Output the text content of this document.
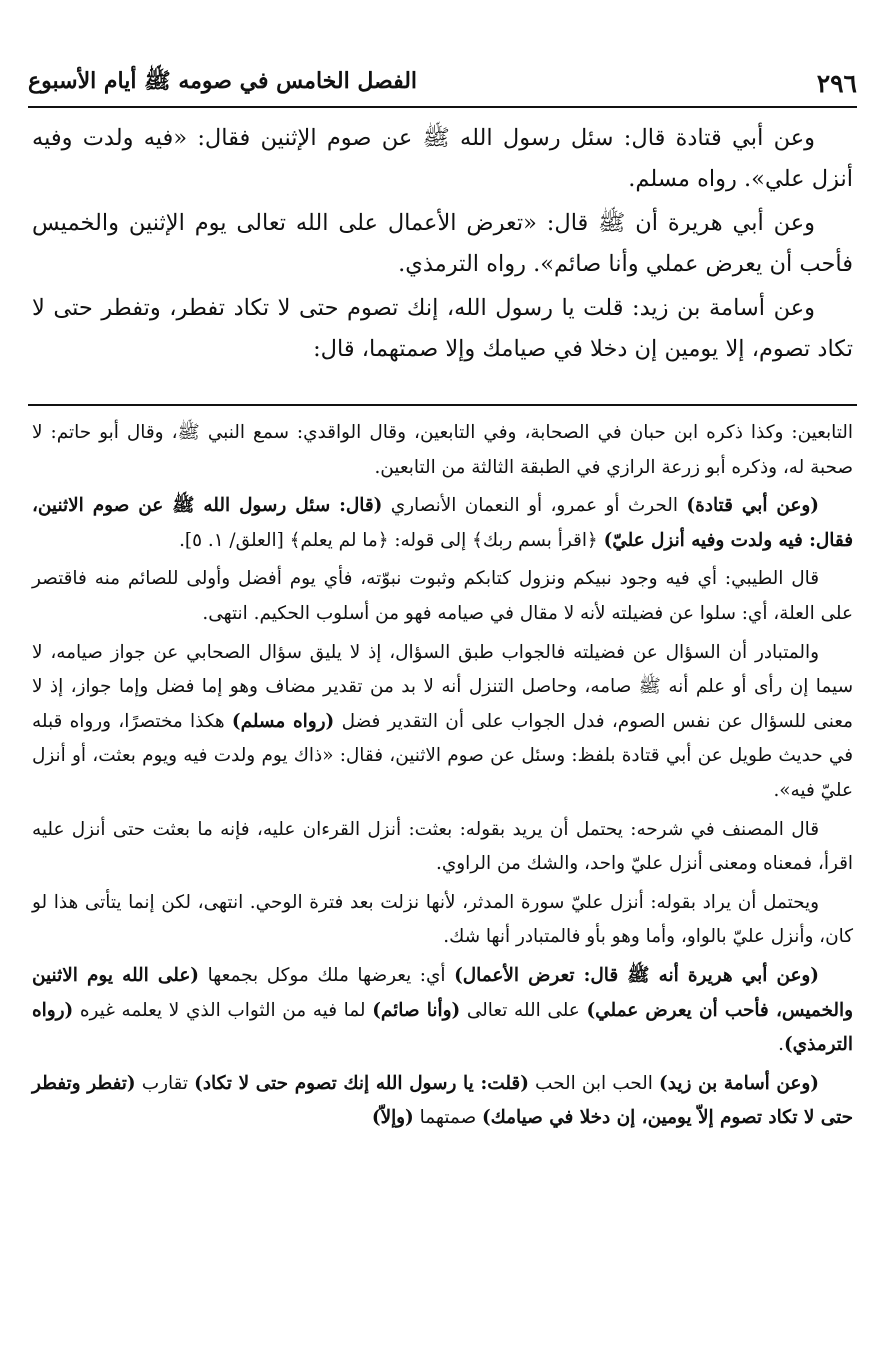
٢٩٦
الفصل الخامس في صومه ﷺ أيام الأسبوع

وعن أبي قتادة قال: سئل رسول الله ﷺ عن صوم الإثنين فقال: «فيه ولدت وفيه أنزل علي». رواه مسلم.

وعن أبي هريرة أن ﷺ قال: «تعرض الأعمال على الله تعالى يوم الإثنين والخميس فأحب أن يعرض عملي وأنا صائم». رواه الترمذي.

وعن أسامة بن زيد: قلت يا رسول الله، إنك تصوم حتى لا تكاد تفطر، وتفطر حتى لا تكاد تصوم، إلا يومين إن دخلا في صيامك وإلا صمتهما، قال:

التابعين: وكذا ذكره ابن حبان في الصحابة، وفي التابعين، وقال الواقدي: سمع النبي ﷺ، وقال أبو حاتم: لا صحبة له، وذكره أبو زرعة الرازي في الطبقة الثالثة من التابعين.

(وعن أبي قتادة) الحرث أو عمرو، أو النعمان الأنصاري (قال: سئل رسول الله ﷺ عن صوم الاثنين، فقال: فيه ولدت وفيه أنزل عليّ) ﴿اقرأ بسم ربك﴾ إلى قوله: ﴿ما لم يعلم﴾ [العلق/ ١. ٥].

قال الطيبي: أي فيه وجود نبيكم ونزول كتابكم وثبوت نبوّته، فأي يوم أفضل وأولى للصائم منه فاقتصر على العلة، أي: سلوا عن فضيلته لأنه لا مقال في صيامه فهو من أسلوب الحكيم. انتهى.

والمتبادر أن السؤال عن فضيلته فالجواب طبق السؤال، إذ لا يليق سؤال الصحابي عن جواز صيامه، لا سيما إن رأى أو علم أنه ﷺ صامه، وحاصل التنزل أنه لا بد من تقدير مضاف وهو إما فضل وإما جواز، إذ لا معنى للسؤال عن نفس الصوم، فدل الجواب على أن التقدير فضل (رواه مسلم) هكذا مختصرًا، ورواه قبله في حديث طويل عن أبي قتادة بلفظ: وسئل عن صوم الاثنين، فقال: «ذاك يوم ولدت فيه ويوم بعثت، أو أنزل عليّ فيه».

قال المصنف في شرحه: يحتمل أن يريد بقوله: بعثت: أنزل القرءان عليه، فإنه ما بعثت حتى أنزل عليه اقرأ، فمعناه ومعنى أنزل عليّ واحد، والشك من الراوي.

ويحتمل أن يراد بقوله: أنزل عليّ سورة المدثر، لأنها نزلت بعد فترة الوحي. انتهى، لكن إنما يتأتى هذا لو كان، وأنزل عليّ بالواو، وأما وهو بأو فالمتبادر أنها شك.

(وعن أبي هريرة أنه ﷺ قال: تعرض الأعمال) أي: يعرضها ملك موكل بجمعها (على الله يوم الاثنين والخميس، فأحب أن يعرض عملي) على الله تعالى (وأنا صائم) لما فيه من الثواب الذي لا يعلمه غيره (رواه الترمذي).

(وعن أسامة بن زيد) الحب ابن الحب (قلت: يا رسول الله إنك تصوم حتى لا تكاد) تقارب (تفطر وتفطر حتى لا تكاد تصوم إلاّ يومين، إن دخلا في صيامك) صمتهما (وإلاّ)
